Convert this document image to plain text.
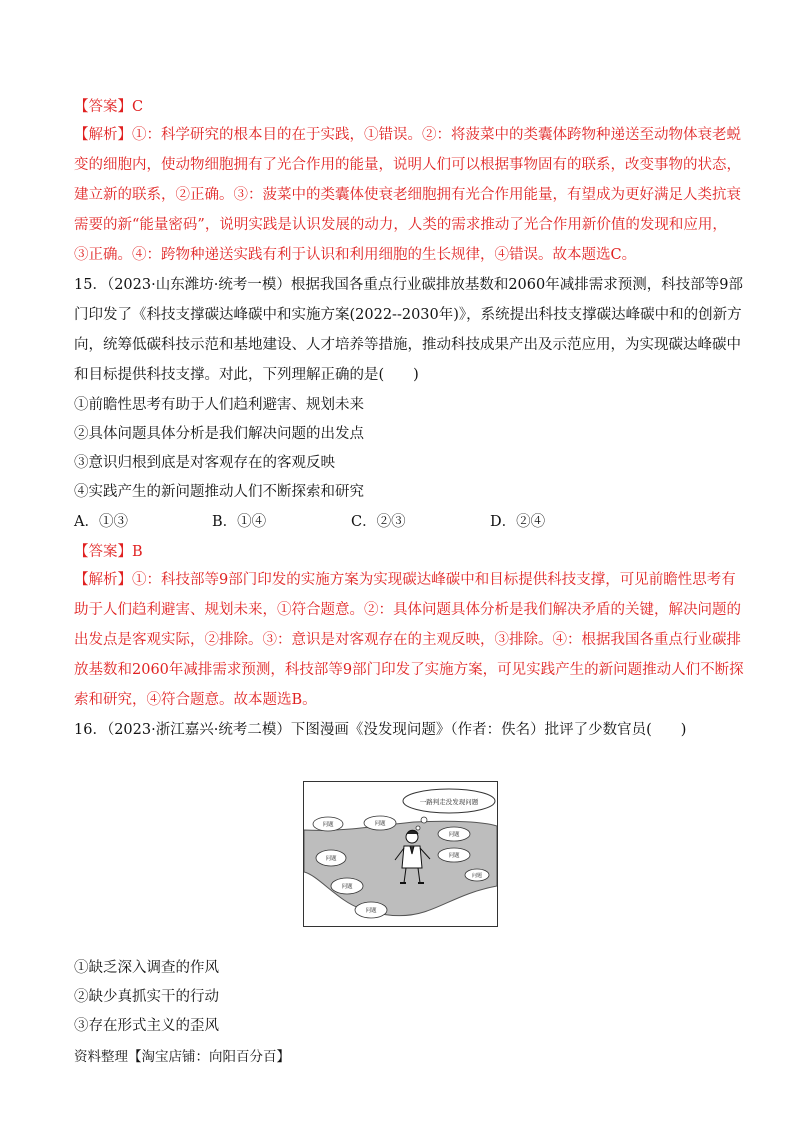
【答案】C
【解析】①：科学研究的根本目的在于实践，①错误。②：将菠菜中的类囊体跨物种递送至动物体衰老蜕
变的细胞内，使动物细胞拥有了光合作用的能量，说明人们可以根据事物固有的联系，改变事物的状态，
建立新的联系，②正确。③：菠菜中的类囊体使衰老细胞拥有光合作用能量，有望成为更好满足人类抗衰
需要的新“能量密码”，说明实践是认识发展的动力，人类的需求推动了光合作用新价值的发现和应用，
③正确。④：跨物种递送实践有利于认识和利用细胞的生长规律，④错误。故本题选C。
15．（2023·山东潍坊·统考一模）根据我国各重点行业碳排放基数和2060年减排需求预测，科技部等9部
门印发了《科技支撑碳达峰碳中和实施方案(2022--2030年)》，系统提出科技支撑碳达峰碳中和的创新方
向，统筹低碳科技示范和基地建设、人才培养等措施，推动科技成果产出及示范应用，为实现碳达峰碳中
和目标提供科技支撑。对此，下列理解正确的是(　　)
①前瞻性思考有助于人们趋利避害、规划未来
②具体问题具体分析是我们解决问题的出发点
③意识归根到底是对客观存在的客观反映
④实践产生的新问题推动人们不断探索和研究
A．①③	B．①④	C．②③	D．②④
【答案】B
【解析】①：科技部等9部门印发的实施方案为实现碳达峰碳中和目标提供科技支撑，可见前瞻性思考有
助于人们趋利避害、规划未来，①符合题意。②：具体问题具体分析是我们解决矛盾的关键，解决问题的
出发点是客观实际，②排除。③：意识是对客观存在的主观反映，③排除。④：根据我国各重点行业碳排
放基数和2060年减排需求预测，科技部等9部门印发了实施方案，可见实践产生的新问题推动人们不断探
索和研究，④符合题意。故本题选B。
16．（2023·浙江嘉兴·统考二模）下图漫画《没发现问题》（作者：佚名）批评了少数官员(　　)
一路判走没发现问题
问题	问题
问题
问题
问题
问题
问题
问题
①缺乏深入调查的作风
②缺少真抓实干的行动
③存在形式主义的歪风
资料整理【淘宝店铺：向阳百分百】
